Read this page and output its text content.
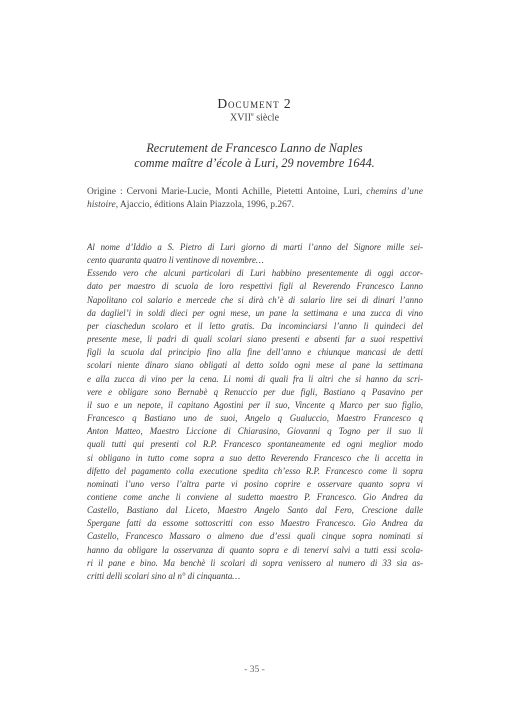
Document 2
XVIIe siècle
Recrutement de Francesco Lanno de Naples
comme maître d’école à Luri, 29 novembre 1644.
Origine : Cervoni Marie-Lucie, Monti Achille, Pietetti Antoine, Luri, chemins d’une histoire, Ajaccio, éditions Alain Piazzola, 1996, p.267.
Al nome d’Iddio a S. Pietro di Luri giorno di marti l’anno del Signore mille sei-
cento quaranta quatro li ventinove di novembre…
Essendo vero che alcuni particolari di Luri habbino presentemente di oggi accor-
dato per maestro di scuola de loro respettivi figli al Reverendo Francesco Lanno
Napolitano col salario e mercede che si dirà ch’è di salario lire sei di dinari l’anno
da dagliel’i in soldi dieci per ogni mese, un pane la settimana e una zucca di vino
per ciaschedun scolaro et il letto gratis. Da incominciarsi l’anno li quindeci del
presente mese, li padri di quali scolari siano presenti e absenti far a suoi respettivi
figli la scuola dal principio fino alla fine dell’anno e chiunque mancasi de detti
scolari niente dinaro siano obligati al detto soldo ogni mese al pane la settimana
e alla zucca di vino per la cena. Li nomi di quali fra li altri che si hanno da scri-
vere e obligare sono Bernabè q Renuccio per due figli, Bastiano q Pasavino per
il suo e un nepote, il capitano Agostini per il suo, Vincente q Marco per suo figlio,
Francesco q Bastiano uno de suoi, Angelo q Gualuccio, Maestro Francesco q
Anton Matteo, Maestro Liccione di Chiarasino, Giovanni q Togno per il suo li
quali tutti qui presenti col R.P. Francesco spontaneamente ed ogni meglior modo
si obligano in tutto come sopra a suo detto Reverendo Francesco che li accetta in
difetto del pagamento colla executione spedita ch’esso R.P. Francesco come li sopra
nominati l’uno verso l’altra parte vi posino coprire e osservare quanto sopra vi
contiene come anche li conviene al sudetto maestro P. Francesco. Gio Andrea da
Castello, Bastiano dal Liceto, Maestro Angelo Santo dal Fero, Crescione dalle
Spergane fatti da essome sottoscritti con esso Maestro Francesco. Gio Andrea da
Castello, Francesco Massaro o almeno due d’essi quali cinque sopra nominati si
hanno da obligare la osservanza di quanto sopra e di tenervi salvi a tutti essi scola-
ri il pane e bino. Ma benchè li scolari di sopra venissero al numero di 33 sia as-
critti delli scolari sino al n° di cinquanta…
- 35 -
